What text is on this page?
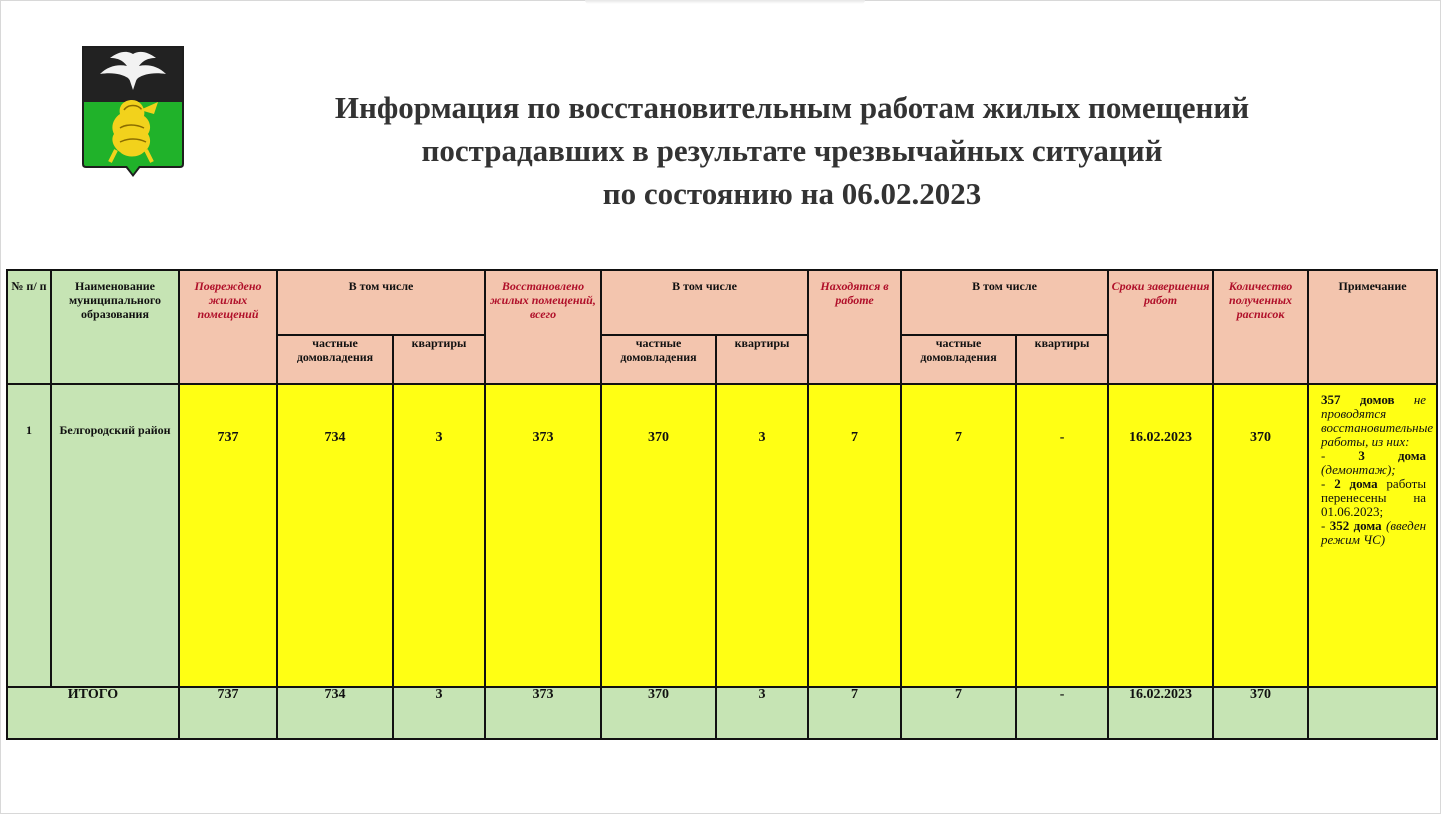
Информация по восстановительным работам жилых помещений
пострадавших в результате чрезвычайных ситуаций
по состоянию на 06.02.2023
№ п/ п	Наименование муниципального образования	Повреждено жилых помещений	В том числе		Восстановлено жилых помещений, всего	В том числе		Находятся в работе	В том числе		Сроки завершения работ	Количество полученных расписок	Примечание
			частные домовладения	квартиры		частные домовладения	квартиры		частные домовладения	квартиры			
1	Белгородский район	737	734	3	373	370	3	7	7	-	16.02.2023	370	357 домов не проводятся восстановительные работы, из них:
- 3 дома (демонтаж);
- 2 дома работы перенесены на 01.06.2023;
- 352 дома (введен режим ЧС)
ИТОГО		737	734	3	373	370	3	7	7	-	16.02.2023	370	
